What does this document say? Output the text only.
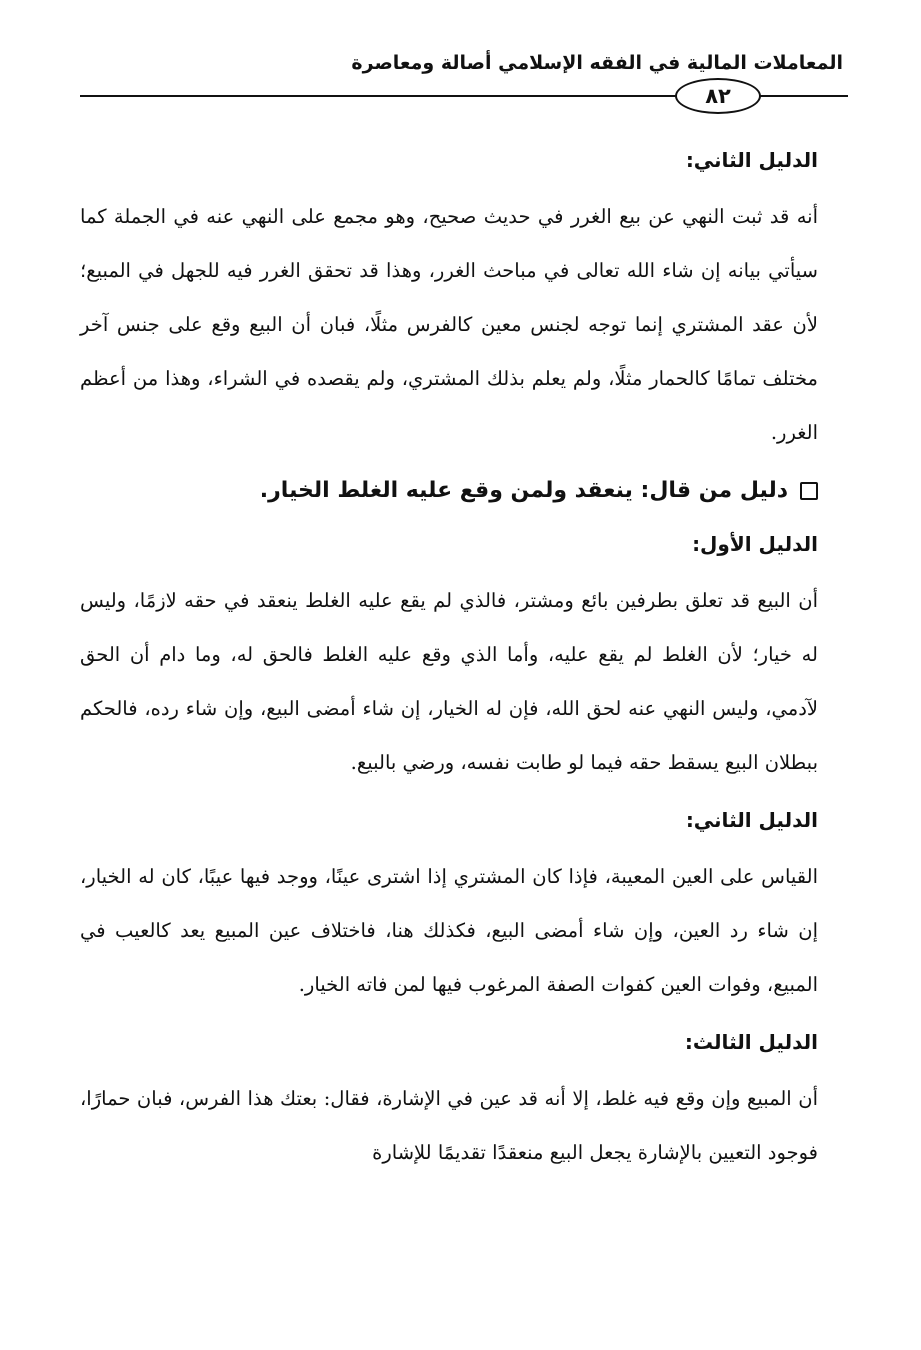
المعاملات المالية في الفقه الإسلامي أصالة ومعاصرة
٨٢
الدليل الثاني:
أنه قد ثبت النهي عن بيع الغرر في حديث صحيح، وهو مجمع على النهي عنه في الجملة كما سيأتي بيانه إن شاء الله تعالى في مباحث الغرر، وهذا قد تحقق الغرر فيه للجهل في المبيع؛ لأن عقد المشتري إنما توجه لجنس معين كالفرس مثلًا، فبان أن البيع وقع على جنس آخر مختلف تمامًا كالحمار مثلًا، ولم يعلم بذلك المشتري، ولم يقصده في الشراء، وهذا من أعظم الغرر.
دليل من قال: ينعقد ولمن وقع عليه الغلط الخيار.
الدليل الأول:
أن البيع قد تعلق بطرفين بائع ومشتر، فالذي لم يقع عليه الغلط ينعقد في حقه لازمًا، وليس له خيار؛ لأن الغلط لم يقع عليه، وأما الذي وقع عليه الغلط فالحق له، وما دام أن الحق لآدمي، وليس النهي عنه لحق الله، فإن له الخيار، إن شاء أمضى البيع، وإن شاء رده، فالحكم ببطلان البيع يسقط حقه فيما لو طابت نفسه، ورضي بالبيع.
الدليل الثاني:
القياس على العين المعيبة، فإذا كان المشتري إذا اشترى عينًا، ووجد فيها عيبًا، كان له الخيار، إن شاء رد العين، وإن شاء أمضى البيع، فكذلك هنا، فاختلاف عين المبيع يعد كالعيب في المبيع، وفوات العين كفوات الصفة المرغوب فيها لمن فاته الخيار.
الدليل الثالث:
أن المبيع وإن وقع فيه غلط، إلا أنه قد عين في الإشارة، فقال: بعتك هذا الفرس، فبان حمارًا، فوجود التعيين بالإشارة يجعل البيع منعقدًا تقديمًا للإشارة
